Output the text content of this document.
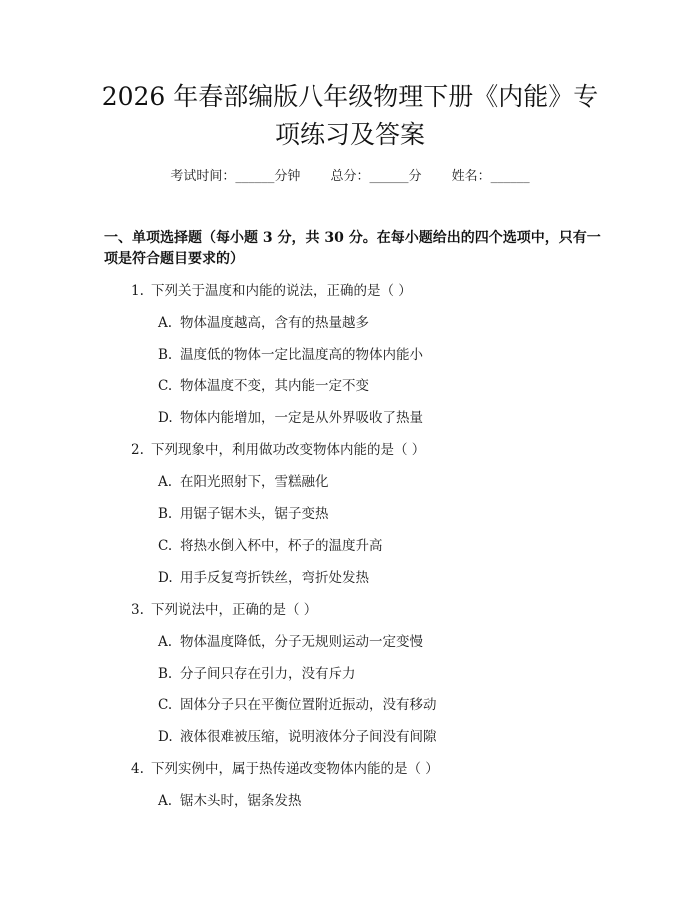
2026 年春部编版八年级物理下册《内能》专
项练习及答案
考试时间：______分钟 总分：______分 姓名：______
一、单项选择题（每小题 3 分，共 30 分。在每小题给出的四个选项中，只有一项是符合题目要求的）
1. 下列关于温度和内能的说法，正确的是（ ）
A. 物体温度越高，含有的热量越多
B. 温度低的物体一定比温度高的物体内能小
C. 物体温度不变，其内能一定不变
D. 物体内能增加，一定是从外界吸收了热量
2. 下列现象中，利用做功改变物体内能的是（ ）
A. 在阳光照射下，雪糕融化
B. 用锯子锯木头，锯子变热
C. 将热水倒入杯中，杯子的温度升高
D. 用手反复弯折铁丝，弯折处发热
3. 下列说法中，正确的是（ ）
A. 物体温度降低，分子无规则运动一定变慢
B. 分子间只存在引力，没有斥力
C. 固体分子只在平衡位置附近振动，没有移动
D. 液体很难被压缩，说明液体分子间没有间隙
4. 下列实例中，属于热传递改变物体内能的是（ ）
A. 锯木头时，锯条发热
